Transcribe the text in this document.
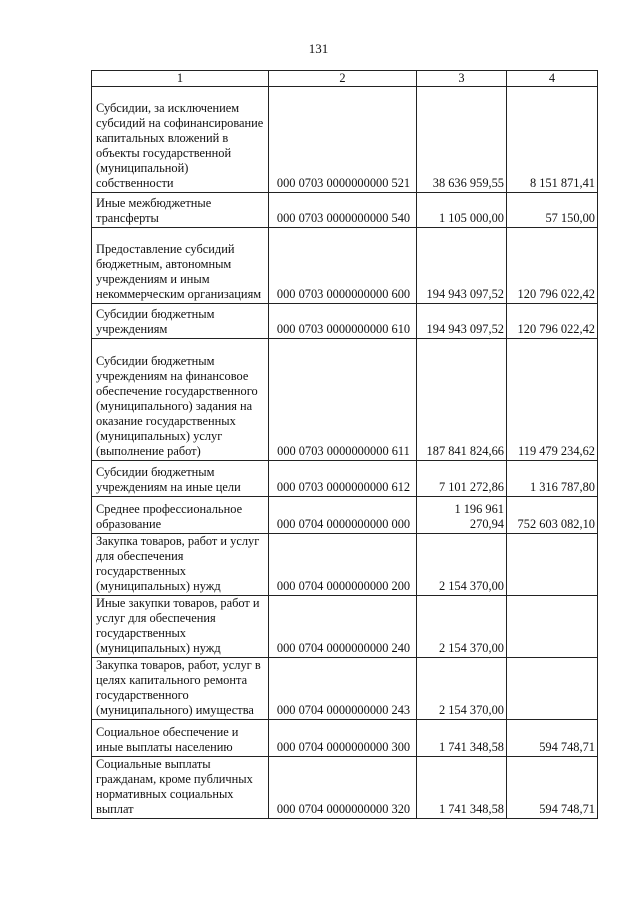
131
1	2	3	4
Субсидии, за исключением субсидий на софинансирование капитальных вложений в объекты государственной (муниципальной) собственности	000 0703 0000000000 521	38 636 959,55	8 151 871,41
Иные межбюджетные трансферты	000 0703 0000000000 540	1 105 000,00	57 150,00
Предоставление субсидий бюджетным, автономным учреждениям и иным некоммерческим организациям	000 0703 0000000000 600	194 943 097,52	120 796 022,42
Субсидии бюджетным учреждениям	000 0703 0000000000 610	194 943 097,52	120 796 022,42
Субсидии бюджетным учреждениям на финансовое обеспечение государственного (муниципального) задания на оказание государственных (муниципальных) услуг (выполнение работ)	000 0703 0000000000 611	187 841 824,66	119 479 234,62
Субсидии бюджетным учреждениям на иные цели	000 0703 0000000000 612	7 101 272,86	1 316 787,80
Среднее профессиональное образование	000 0704 0000000000 000	1 196 961 270,94	752 603 082,10
Закупка товаров, работ и услуг для обеспечения государственных (муниципальных) нужд	000 0704 0000000000 200	2 154 370,00	
Иные закупки товаров, работ и услуг для обеспечения государственных (муниципальных) нужд	000 0704 0000000000 240	2 154 370,00	
Закупка товаров, работ, услуг в целях капитального ремонта государственного (муниципального) имущества	000 0704 0000000000 243	2 154 370,00	
Социальное обеспечение и иные выплаты населению	000 0704 0000000000 300	1 741 348,58	594 748,71
Социальные выплаты гражданам, кроме публичных нормативных социальных выплат	000 0704 0000000000 320	1 741 348,58	594 748,71
